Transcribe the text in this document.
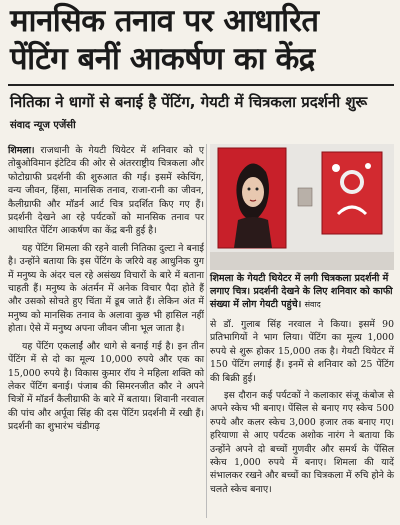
मानसिक तनाव पर आधारित
पेंटिंग बनीं आकर्षण का केंद्र
नितिका ने धागों से बनाई है पेंटिंग, गेयटी में चित्रकला प्रदर्शनी शुरू
संवाद न्यूज एजेंसी

शिमला। राजधानी के गेयटी थियेटर में शनिवार को ए तोबुओविमान इंटेटिव की ओर से अंतरराष्ट्रीय चित्रकला और फोटोग्राफी प्रदर्शनी की शुरुआत की गई। इसमें स्केचिंग, वन्य जीवन, हिंसा, मानसिक तनाव, राजा-रानी का जीवन, कैलीग्राफी और मॉडर्न आर्ट चित्र प्रदर्शित किए गए हैं। प्रदर्शनी देखने आ रहे पर्यटकों को मानसिक तनाव पर आधारित पेंटिंग आकर्षण का केंद्र बनी हुई है।

यह पेंटिंग शिमला की रहने वाली नितिका दुल्टा ने बनाई है। उन्होंने बताया कि इस पेंटिंग के जरिये वह आधुनिक युग में मनुष्य के अंदर चल रहे असंख्य विचारों के बारे में बताना चाहती हैं। मनुष्य के अंतर्मन में अनेक विचार पैदा होते हैं और उसको सोचते हुए चिंता में डूब जाते हैं। लेकिन अंत में मनुष्य को मानसिक तनाव के अलावा कुछ भी हासिल नहीं होता। ऐसे में मनुष्य अपना जीवन जीना भूल जाता है।

यह पेंटिंग एकलाईं और धागे से बनाई गई है। इन तीन पेंटिंग में से दो का मूल्य 10,000 रुपये और एक का 15,000 रुपये है। विकास कुमार रॉय ने महिला शक्ति को लेकर पेंटिंग बनाई। पंजाब की सिमरनजीत कौर ने अपने चित्रों में मॉडर्न कैलीग्राफी के बारे में बताया। शिवानी नरवाल की पांच और अर्पूवा सिंह की दस पेंटिंग प्रदर्शनी में रखी हैं। प्रदर्शनी का शुभारंभ चंडीगढ़

शिमला के गेयटी थियेटर में लगी चित्रकला प्रदर्शनी में लगाए चित्र। प्रदर्शनी देखने के लिए शनिवार को काफी संख्या में लोग गेयटी पहुंचे। संवाद

से डॉ. गुलाब सिंह नरवाल ने किया। इसमें 90 प्रतिभागियों ने भाग लिया। पेंटिंग का मूल्य 1,000 रुपये से शुरू होकर 15,000 तक है। गेयटी थियेटर में 150 पेंटिंग लगाई हैं। इनमें से शनिवार को 25 पेंटिंग की बिक्री हुई।

इस दौरान कई पर्यटकों ने कलाकार संजू कंबोज से अपने स्केच भी बनाए। पेंसिल से बनाए गए स्केच 500 रुपये और कलर स्केच 3,000 हजार तक बनाए गए। हरियाणा से आए पर्यटक अशोक नारंग ने बताया कि उन्होंने अपने दो बच्चों गुणवीर और समर्थ के पेंसिल स्केच 1,000 रुपये में बनाए। शिमला की यादें संभालकर रखने और बच्चों का चित्रकला में रुचि होने के चलते स्केच बनाए।
